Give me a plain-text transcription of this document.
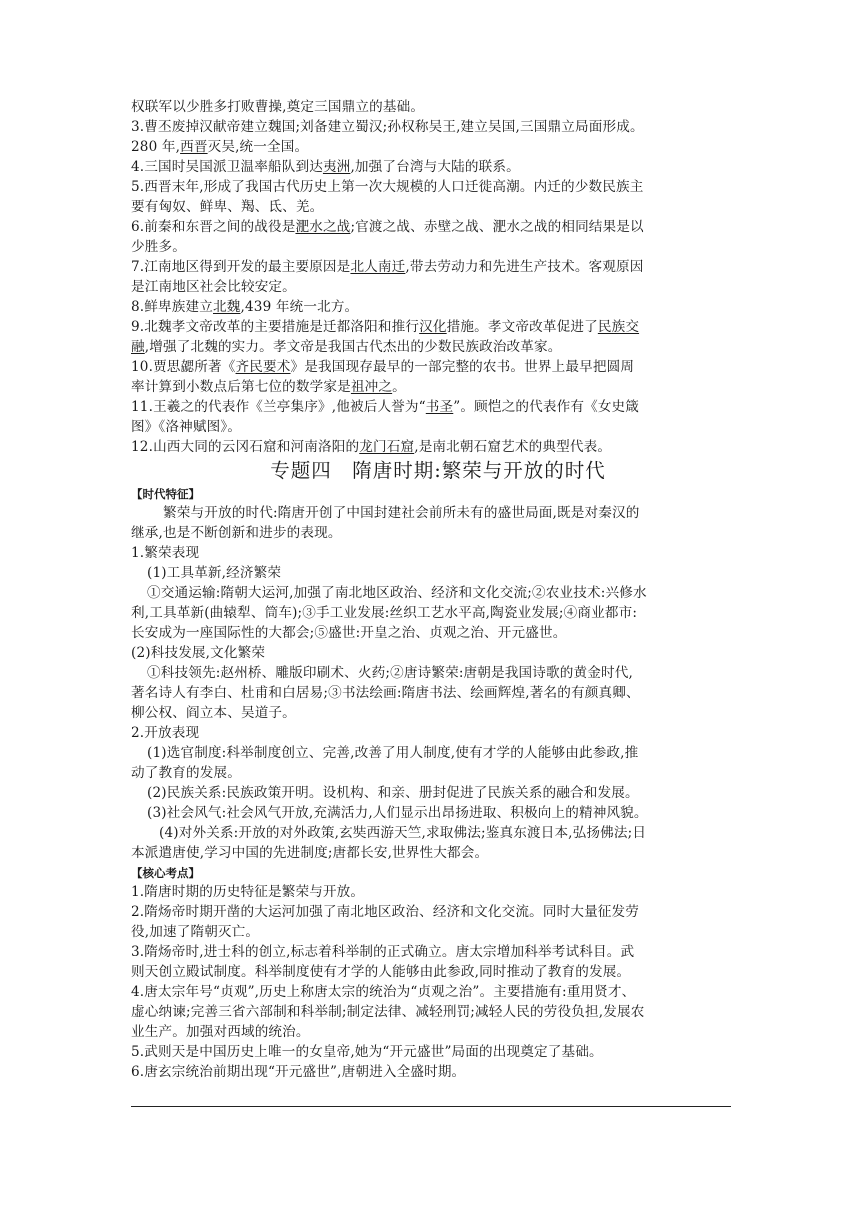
权联军以少胜多打败曹操,奠定三国鼎立的基础。
3.曹丕废掉汉献帝建立魏国;刘备建立蜀汉;孙权称吴王,建立吴国,三国鼎立局面形成。
280 年,西晋灭吴,统一全国。
4.三国时吴国派卫温率船队到达夷洲,加强了台湾与大陆的联系。
5.西晋末年,形成了我国古代历史上第一次大规模的人口迁徙高潮。内迁的少数民族主
要有匈奴、鲜卑、羯、氐、羌。
6.前秦和东晋之间的战役是淝水之战;官渡之战、赤壁之战、淝水之战的相同结果是以
少胜多。
7.江南地区得到开发的最主要原因是北人南迁,带去劳动力和先进生产技术。客观原因
是江南地区社会比较安定。
8.鲜卑族建立北魏,439 年统一北方。
9.北魏孝文帝改革的主要措施是迁都洛阳和推行汉化措施。孝文帝改革促进了民族交
融,增强了北魏的实力。孝文帝是我国古代杰出的少数民族政治改革家。
10.贾思勰所著《齐民要术》是我国现存最早的一部完整的农书。世界上最早把圆周
率计算到小数点后第七位的数学家是祖冲之。
11.王羲之的代表作《兰亭集序》,他被后人誉为“书圣”。顾恺之的代表作有《女史箴
图》《洛神赋图》。
12.山西大同的云冈石窟和河南洛阳的龙门石窟,是南北朝石窟艺术的典型代表。
专题四　隋唐时期:繁荣与开放的时代
【时代特征】
繁荣与开放的时代:隋唐开创了中国封建社会前所未有的盛世局面,既是对秦汉的
继承,也是不断创新和进步的表现。
1.繁荣表现
(1)工具革新,经济繁荣
①交通运输:隋朝大运河,加强了南北地区政治、经济和文化交流;②农业技术:兴修水
利,工具革新(曲辕犁、筒车);③手工业发展:丝织工艺水平高,陶瓷业发展;④商业都市:
长安成为一座国际性的大都会;⑤盛世:开皇之治、贞观之治、开元盛世。
(2)科技发展,文化繁荣
①科技领先:赵州桥、雕版印刷术、火药;②唐诗繁荣:唐朝是我国诗歌的黄金时代,
著名诗人有李白、杜甫和白居易;③书法绘画:隋唐书法、绘画辉煌,著名的有颜真卿、
柳公权、阎立本、吴道子。
2.开放表现
(1)选官制度:科举制度创立、完善,改善了用人制度,使有才学的人能够由此参政,推
动了教育的发展。
(2)民族关系:民族政策开明。设机构、和亲、册封促进了民族关系的融合和发展。
(3)社会风气:社会风气开放,充满活力,人们显示出昂扬进取、积极向上的精神风貌。
(4)对外关系:开放的对外政策,玄奘西游天竺,求取佛法;鉴真东渡日本,弘扬佛法;日
本派遣唐使,学习中国的先进制度;唐都长安,世界性大都会。
【核心考点】
1.隋唐时期的历史特征是繁荣与开放。
2.隋炀帝时期开凿的大运河加强了南北地区政治、经济和文化交流。同时大量征发劳
役,加速了隋朝灭亡。
3.隋炀帝时,进士科的创立,标志着科举制的正式确立。唐太宗增加科举考试科目。武
则天创立殿试制度。科举制度使有才学的人能够由此参政,同时推动了教育的发展。
4.唐太宗年号“贞观”,历史上称唐太宗的统治为“贞观之治”。主要措施有:重用贤才、
虚心纳谏;完善三省六部制和科举制;制定法律、减轻刑罚;减轻人民的劳役负担,发展农
业生产。加强对西域的统治。
5.武则天是中国历史上唯一的女皇帝,她为“开元盛世”局面的出现奠定了基础。
6.唐玄宗统治前期出现“开元盛世”,唐朝进入全盛时期。
